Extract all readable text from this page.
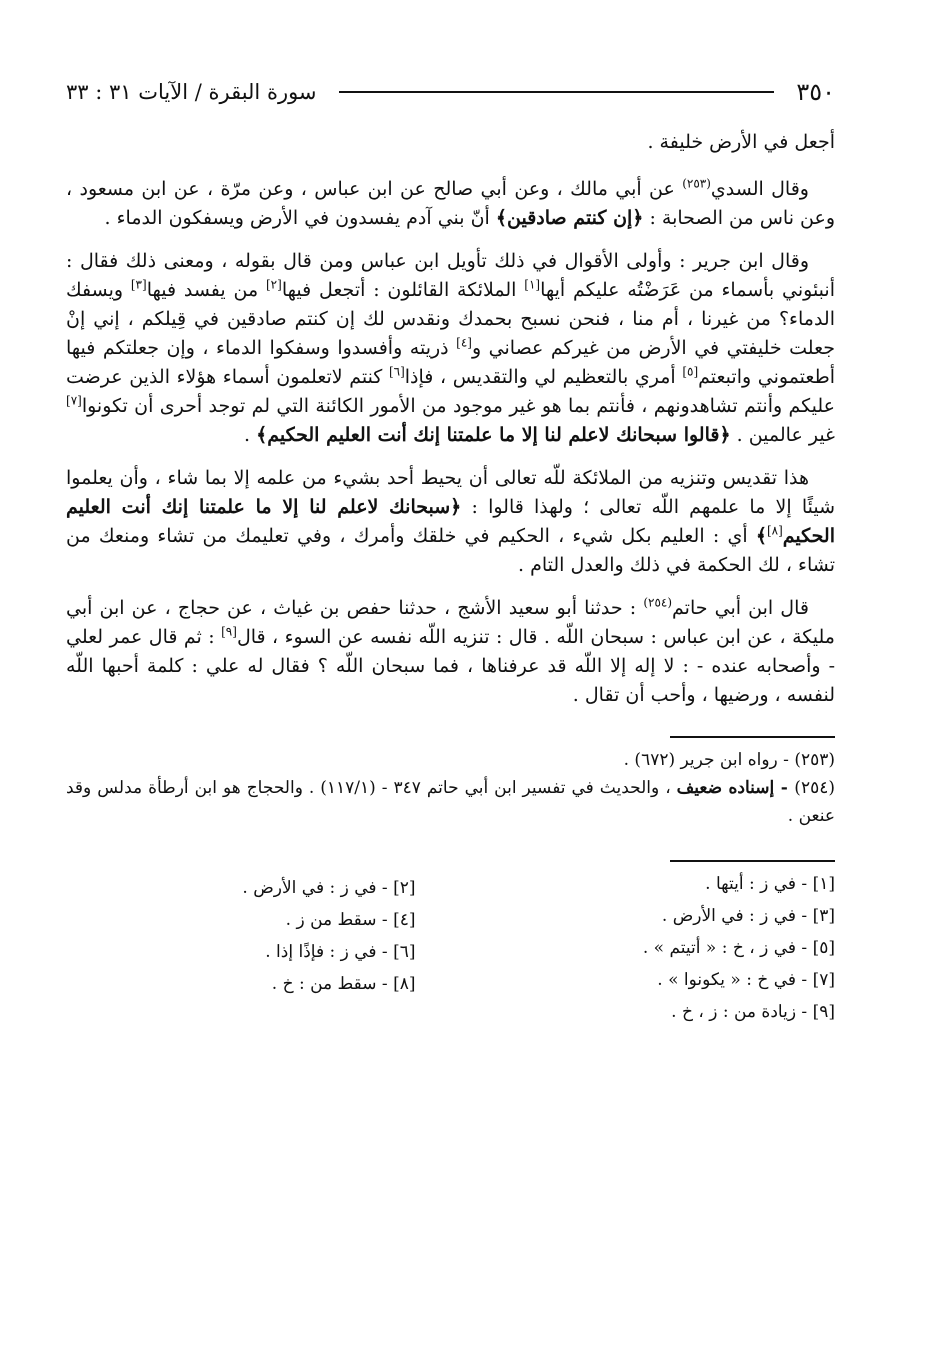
٣٥٠
سورة البقرة / الآيات ٣١ : ٣٣

أجعل في الأرض خليفة .

وقال السدي$^{(٢٥٣)}$ عن أبي مالك ، وعن أبي صالح عن ابن عباس ، وعن مرّة ، عن ابن مسعود ، وعن ناس من الصحابة : ﴿إن كنتم صادقين﴾ أنّ بني آدم يفسدون في الأرض ويسفكون الدماء .

وقال ابن جرير : وأولى الأقوال في ذلك تأويل ابن عباس ومن قال بقوله ، ومعنى ذلك فقال : أنبئوني بأسماء من عَرَضْتُه عليكم أيها[١] الملائكة القائلون : أتجعل فيها[٢] من يفسد فيها[٣] ويسفك الدماء؟ من غيرنا ، أم منا ، فنحن نسبح بحمدك ونقدس لك إن كنتم صادقين في قِيلكم ، إني إنْ جعلت خليفتي في الأرض من غيركم عصاني و[٤] ذريته وأفسدوا وسفكوا الدماء ، وإن جعلتكم فيها أطعتموني واتبعتم[٥] أمري بالتعظيم لي والتقديس ، فإذا[٦] كنتم لاتعلمون أسماء هؤلاء الذين عرضت عليكم وأنتم تشاهدونهم ، فأنتم بما هو غير موجود من الأمور الكائنة التي لم توجد أحرى أن تكونوا[٧] غير عالمين . ﴿قالوا سبحانك لاعلم لنا إلا ما علمتنا إنك أنت العليم الحكيم﴾ .

هذا تقديس وتنزيه من الملائكة للّه تعالى أن يحيط أحد بشيء من علمه إلا بما شاء ، وأن يعلموا شيئًا إلا ما علمهم اللّه تعالى ؛ ولهذا قالوا : ﴿سبحانك لاعلم لنا إلا ما علمتنا إنك أنت العليم الحكيم[٨]﴾ أي : العليم بكل شيء ، الحكيم في خلقك وأمرك ، وفي تعليمك من تشاء ومنعك من تشاء ، لك الحكمة في ذلك والعدل التام .

قال ابن أبي حاتم$^{(٢٥٤)}$ : حدثنا أبو سعيد الأشج ، حدثنا حفص بن غياث ، عن حجاج ، عن ابن أبي مليكة ، عن ابن عباس : سبحان اللّه . قال : تنزيه اللّه نفسه عن السوء ، قال[٩] : ثم قال عمر لعلي - وأصحابه عنده - : لا إله إلا اللّه قد عرفناها ، فما سبحان اللّه ؟ فقال له علي : كلمة أحبها اللّه لنفسه ، ورضيها ، وأحب أن تقال .

(٢٥٣) - رواه ابن جرير (٦٧٢) .

(٢٥٤) - إسناده ضعيف ، والحديث في تفسير ابن أبي حاتم ٣٤٧ - (١١٧/١) . والحجاج هو ابن أرطأة مدلس وقد عنعن .

[١] - في ز : أيتها .
[٣] - في ز : في الأرض .
[٥] - في ز ، خ : « أتيتم » .
[٧] - في خ : « يكونوا » .
[٩] - زيادة من : ز ، خ .
[٢] - في ز : في الأرض .
[٤] - سقط من ز .
[٦] - في ز : فإذًا إذا .
[٨] - سقط من : خ .
